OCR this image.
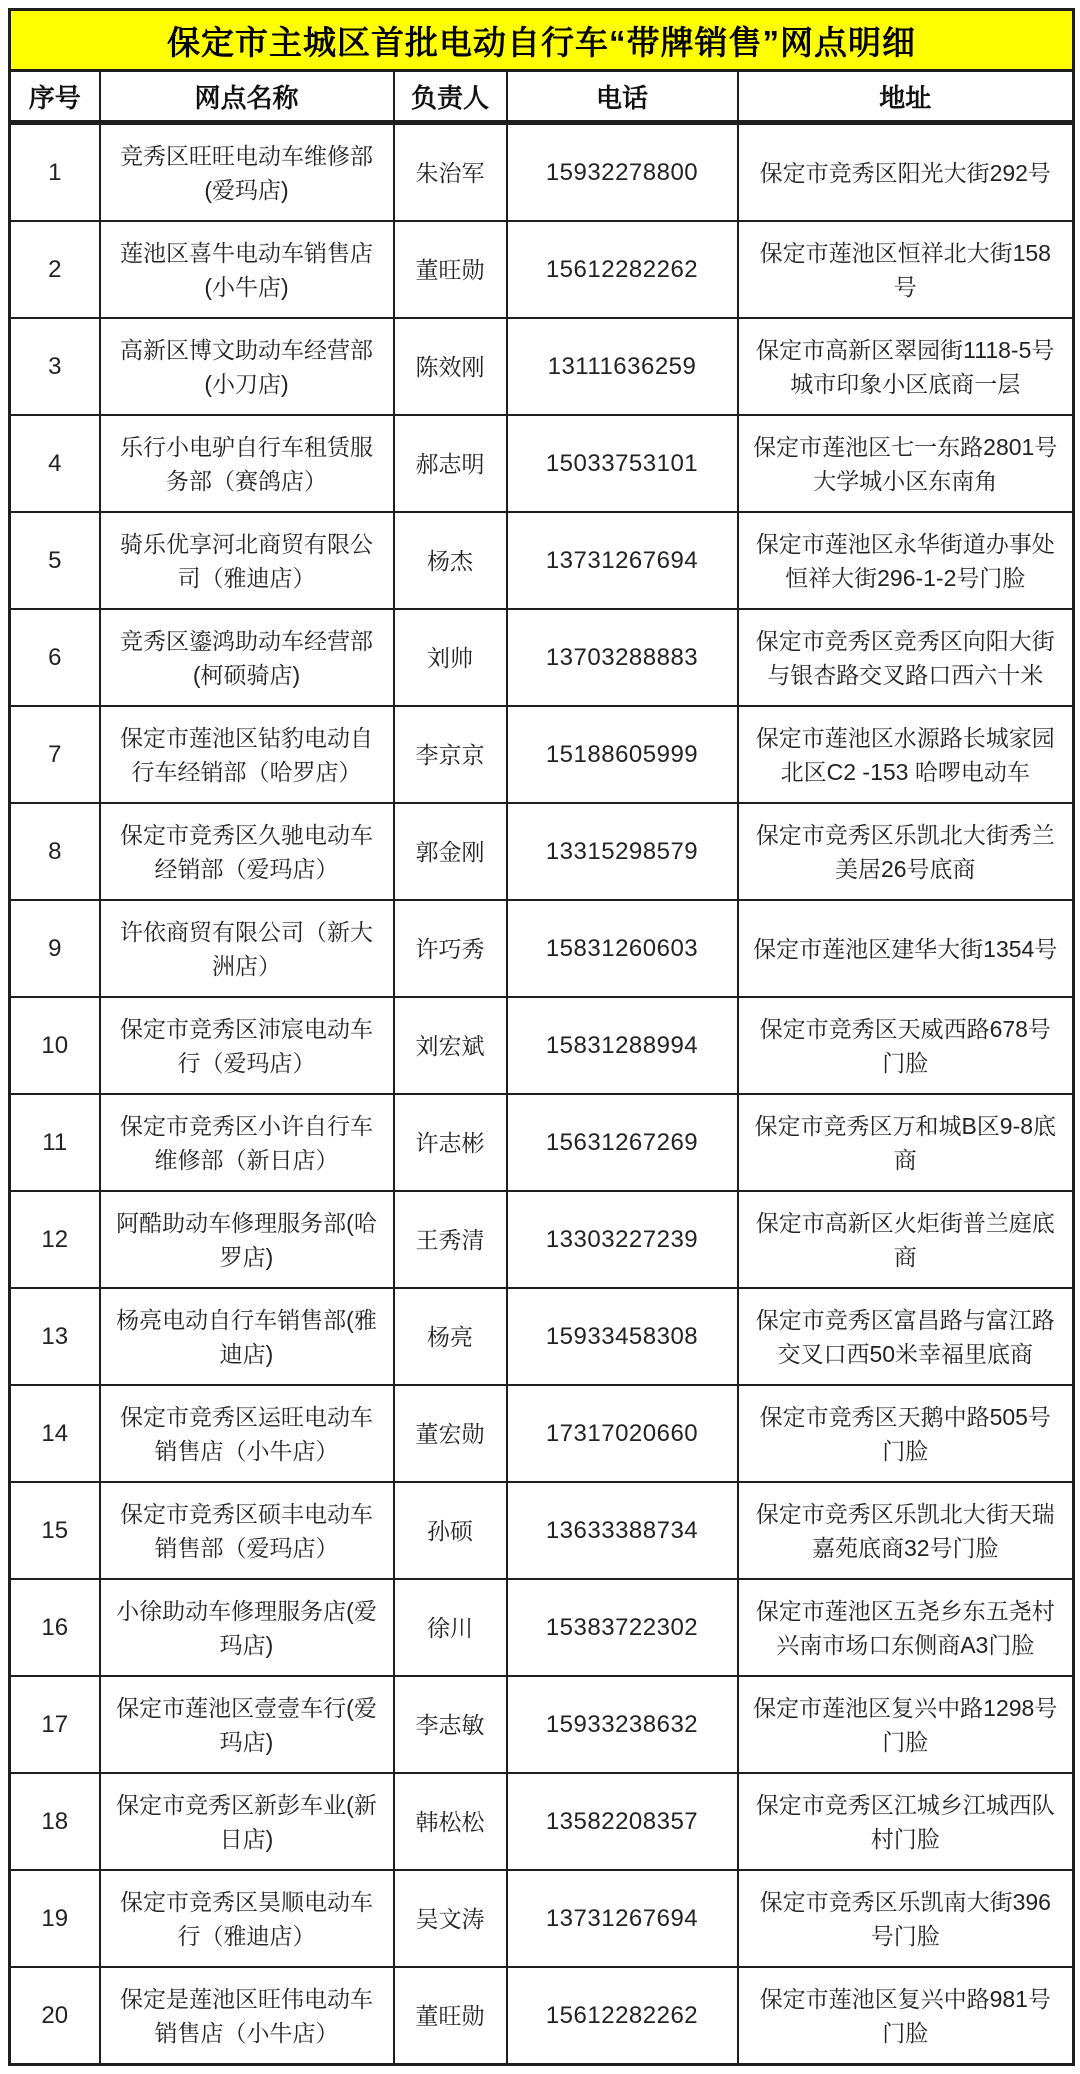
保定市主城区首批电动自行车“带牌销售”网点明细				
序号	网点名称	负责人	电话	地址
1	竞秀区旺旺电动车维修部(爱玛店)	朱治军	15932278800	保定市竞秀区阳光大街292号
2	莲池区喜牛电动车销售店(小牛店)	董旺勋	15612282262	保定市莲池区恒祥北大街158号
3	高新区博文助动车经营部(小刀店)	陈效刚	13111636259	保定市高新区翠园街1118-5号城市印象小区底商一层
4	乐行小电驴自行车租赁服务部（赛鸽店）	郝志明	15033753101	保定市莲池区七一东路2801号大学城小区东南角
5	骑乐优享河北商贸有限公司（雅迪店）	杨杰	13731267694	保定市莲池区永华街道办事处恒祥大街296-1-2号门脸
6	竞秀区鎏鸿助动车经营部(柯硕骑店)	刘帅	13703288883	保定市竞秀区竞秀区向阳大街与银杏路交叉路口西六十米
7	保定市莲池区钻豹电动自行车经销部（哈罗店）	李京京	15188605999	保定市莲池区水源路长城家园北区C2 -153 哈啰电动车
8	保定市竞秀区久驰电动车经销部（爱玛店）	郭金刚	13315298579	保定市竞秀区乐凯北大街秀兰美居26号底商
9	许依商贸有限公司（新大洲店）	许巧秀	15831260603	保定市莲池区建华大街1354号
10	保定市竞秀区沛宸电动车行（爱玛店）	刘宏斌	15831288994	保定市竞秀区天威西路678号门脸
11	保定市竞秀区小许自行车维修部（新日店）	许志彬	15631267269	保定市竞秀区万和城B区9-8底商
12	阿酷助动车修理服务部(哈罗店)	王秀清	13303227239	保定市高新区火炬街普兰庭底商
13	杨亮电动自行车销售部(雅迪店)	杨亮	15933458308	保定市竞秀区富昌路与富江路交叉口西50米幸福里底商
14	保定市竞秀区运旺电动车销售店（小牛店）	董宏勋	17317020660	保定市竞秀区天鹅中路505号门脸
15	保定市竞秀区硕丰电动车销售部（爱玛店）	孙硕	13633388734	保定市竞秀区乐凯北大街天瑞嘉苑底商32号门脸
16	小徐助动车修理服务店(爱玛店)	徐川	15383722302	保定市莲池区五尧乡东五尧村兴南市场口东侧商A3门脸
17	保定市莲池区壹壹车行(爱玛店)	李志敏	15933238632	保定市莲池区复兴中路1298号门脸
18	保定市竞秀区新彭车业(新日店)	韩松松	13582208357	保定市竞秀区江城乡江城西队村门脸
19	保定市竞秀区昊顺电动车行（雅迪店）	吴文涛	13731267694	保定市竞秀区乐凯南大街396号门脸
20	保定是莲池区旺伟电动车销售店（小牛店）	董旺勋	15612282262	保定市莲池区复兴中路981号门脸
